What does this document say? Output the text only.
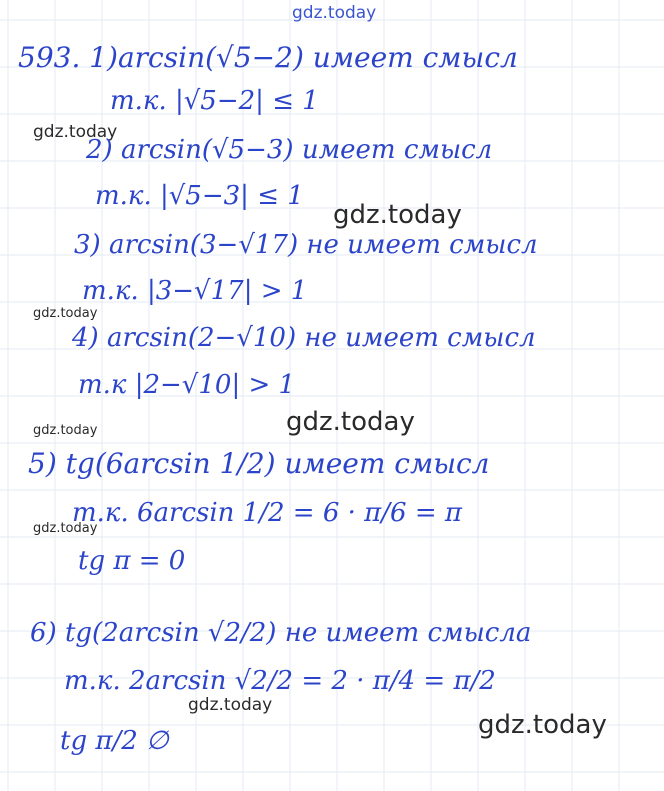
gdz.today
593. 1)arcsin(√5−2) имеет смысл
т.к. |√5−2| ≤ 1
gdz.today
2) arcsin(√5−3) имеет смысл
т.к. |√5−3| ≤ 1
gdz.today
3) arcsin(3−√17) не имеет смысл
т.к. |3−√17| > 1
gdz.today
4) arcsin(2−√10) не имеет смысл
т.к |2−√10| > 1
gdz.today
gdz.today
5) tg(6arcsin 1/2) имеет смысл
т.к. 6arcsin 1/2 = 6 · π/6 = π
gdz.today
tg π = 0
6) tg(2arcsin √2/2) не имеет смысла
т.к. 2arcsin √2/2 = 2 · π/4 = π/2
gdz.today
gdz.today
tg π/2 ∅
